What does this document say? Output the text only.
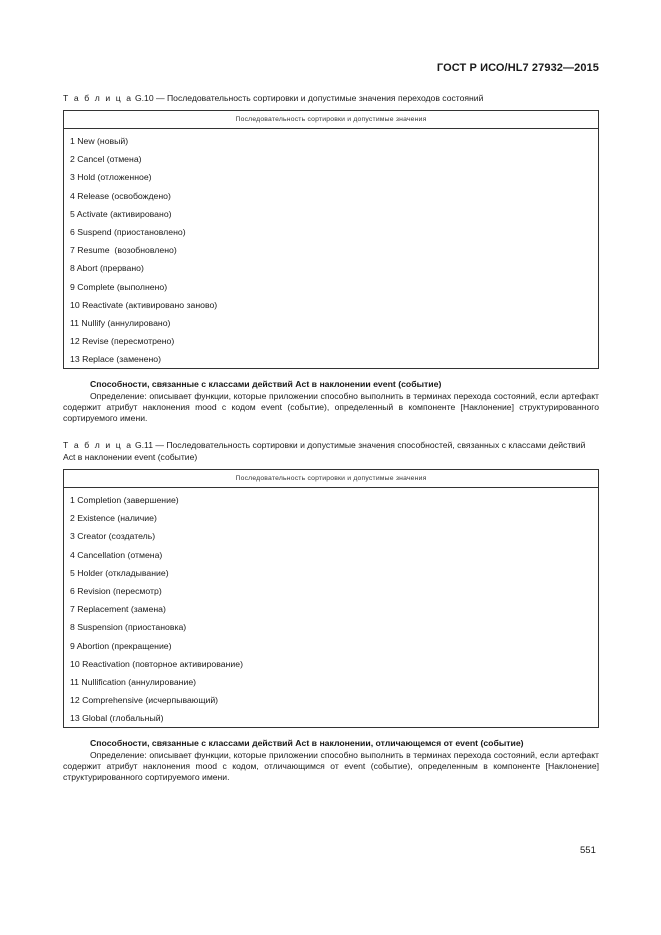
ГОСТ Р ИСО/HL7 27932—2015
Т а б л и ц а G.10 — Последовательность сортировки и допустимые значения переходов состояний
Последовательность сортировки и допустимые значения
1 New (новый)
2 Cancel (отмена)
3 Hold (отложенное)
4 Release (освобождено)
5 Activate (активировано)
6 Suspend (приостановлено)
7 Resume  (возобновлено)
8 Abort (прервано)
9 Complete (выполнено)
10 Reactivate (активировано заново)
11 Nullify (аннулировано)
12 Revise (пересмотрено)
13 Replace (заменено)
Способности, связанные с классами действий Act в наклонении event (событие)
Определение: описывает функции, которые приложении способно выполнить в терминах перехода состояний, если артефакт содержит атрибут наклонения mood с кодом event (событие), определенный в компоненте [Наклонение] структурированного сортируемого имени.
Т а б л и ц а G.11 — Последовательность сортировки и допустимые значения способностей, связанных с классами действий Act в наклонении event (событие)
Последовательность сортировки и допустимые значения
1 Completion (завершение)
2 Existence (наличие)
3 Creator (создатель)
4 Cancellation (отмена)
5 Holder (откладывание)
6 Revision (пересмотр)
7 Replacement (замена)
8 Suspension (приостановка)
9 Abortion (прекращение)
10 Reactivation (повторное активирование)
11 Nullification (аннулирование)
12 Comprehensive (исчерпывающий)
13 Global (глобальный)
Способности, связанные с классами действий Act в наклонении, отличающемся от event (событие)
Определение: описывает функции, которые приложении способно выполнить в терминах перехода состояний, если артефакт содержит атрибут наклонения mood с кодом, отличающимся от event (событие), определенным в компоненте [Наклонение] структурированного сортируемого имени.
551
